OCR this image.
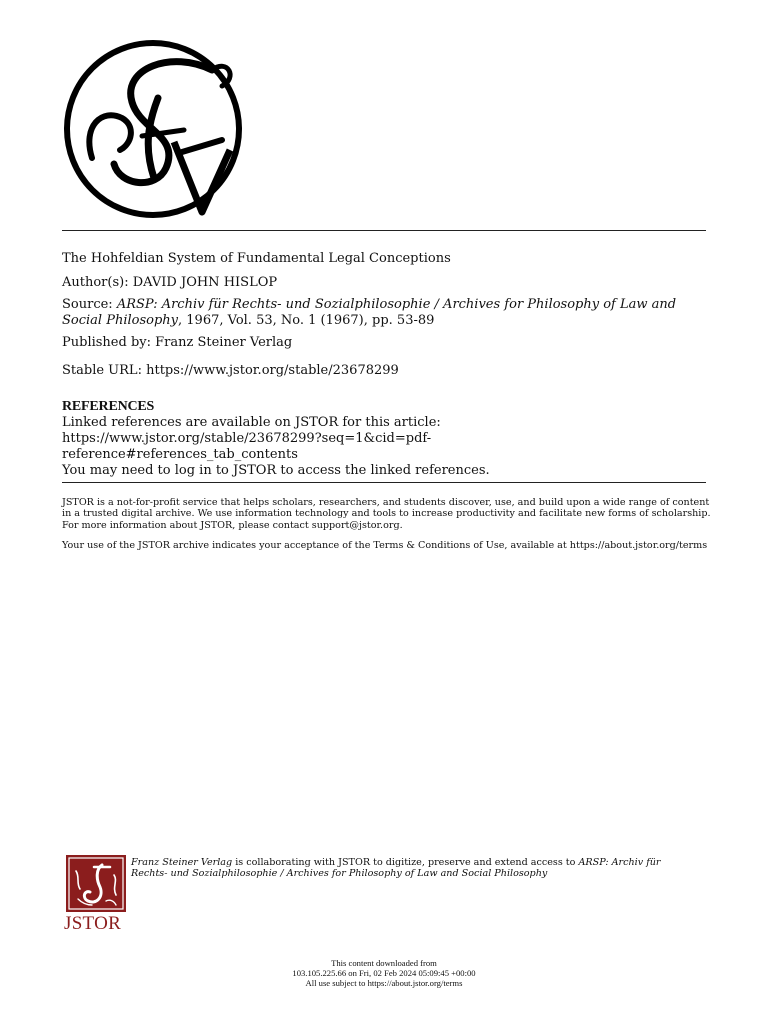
The Hohfeldian System of Fundamental Legal Conceptions
Author(s): DAVID JOHN HISLOP
Source: ARSP: Archiv für Rechts- und Sozialphilosophie / Archives for Philosophy of Law and Social Philosophy, 1967, Vol. 53, No. 1 (1967), pp. 53-89
Published by: Franz Steiner Verlag
Stable URL: https://www.jstor.org/stable/23678299
REFERENCES
Linked references are available on JSTOR for this article:
https://www.jstor.org/stable/23678299?seq=1&cid=pdf-
reference#references_tab_contents
You may need to log in to JSTOR to access the linked references.
JSTOR is a not-for-profit service that helps scholars, researchers, and students discover, use, and build upon a wide range of content in a trusted digital archive. We use information technology and tools to increase productivity and facilitate new forms of scholarship. For more information about JSTOR, please contact support@jstor.org.
Your use of the JSTOR archive indicates your acceptance of the Terms & Conditions of Use, available at https://about.jstor.org/terms
JSTOR
Franz Steiner Verlag is collaborating with JSTOR to digitize, preserve and extend access to ARSP: Archiv für Rechts- und Sozialphilosophie / Archives for Philosophy of Law and Social Philosophy
This content downloaded from
103.105.225.66 on Fri, 02 Feb 2024 05:09:45 +00:00
All use subject to https://about.jstor.org/terms
